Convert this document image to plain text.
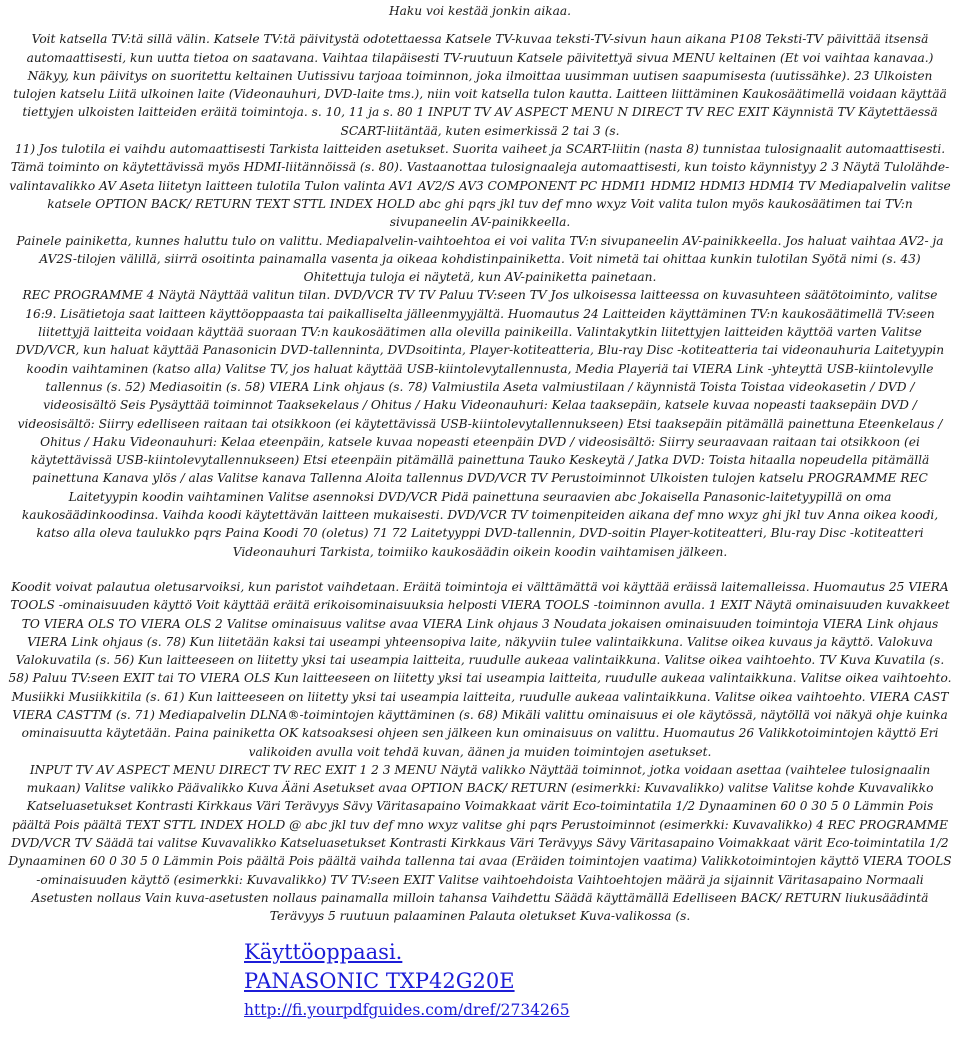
Haku voi kestää jonkin aikaa.

Voit katsella TV:tä sillä välin. Katsele TV:tä päivitystä odotettaessa Katsele TV-kuvaa teksti-TV-sivun haun aikana P108 Teksti-TV päivittää itsensä automaattisesti, kun uutta tietoa on saatavana. Vaihtaa tilapäisesti TV-ruutuun Katsele päivitettyä sivua MENU keltainen (Et voi vaihtaa kanavaa.) Näkyy, kun päivitys on suoritettu keltainen Uutissivu tarjoaa toiminnon, joka ilmoittaa uusimman uutisen saapumisesta (uutissähke). 23 Ulkoisten tulojen katselu Liitä ulkoinen laite (Videonauhuri, DVD-laite tms.), niin voit katsella tulon kautta. Laitteen liittäminen Kaukosäätimellä voidaan käyttää tiettyjen ulkoisten laitteiden eräitä toimintoja. s. 10, 11 ja s. 80 1 INPUT TV AV ASPECT MENU N DIRECT TV REC EXIT Käynnistä TV Käytettäessä SCART-liitäntää, kuten esimerkissä 2 tai 3 (s.

11) Jos tulotila ei vaihdu automaattisesti Tarkista laitteiden asetukset. Suorita vaiheet ja SCART-liitin (nasta 8) tunnistaa tulosignaalit automaattisesti. Tämä toiminto on käytettävissä myös HDMI-liitännöissä (s. 80). Vastaanottaa tulosignaaleja automaattisesti, kun toisto käynnistyy 2 3 Näytä Tulolähde-valintavalikko AV Aseta liitetyn laitteen tulotila Tulon valinta AV1 AV2/S AV3 COMPONENT PC HDMI1 HDMI2 HDMI3 HDMI4 TV Mediapalvelin valitse katsele OPTION BACK/ RETURN TEXT STTL INDEX HOLD abc ghi pqrs jkl tuv def mno wxyz Voit valita tulon myös kaukosäätimen tai TV:n sivupaneelin AV-painikkeella.

Painele painiketta, kunnes haluttu tulo on valittu. Mediapalvelin-vaihtoehtoa ei voi valita TV:n sivupaneelin AV-painikkeella. Jos haluat vaihtaa AV2- ja AV2S-tilojen välillä, siirrä osoitinta painamalla vasenta ja oikeaa kohdistinpainiketta. Voit nimetä tai ohittaa kunkin tulotilan Syötä nimi (s. 43) Ohitettuja tuloja ei näytetä, kun AV-painiketta painetaan.

REC PROGRAMME 4 Näytä Näyttää valitun tilan. DVD/VCR TV TV Paluu TV:seen TV Jos ulkoisessa laitteessa on kuvasuhteen säätötoiminto, valitse 16:9. Lisätietoja saat laitteen käyttöoppaasta tai paikalliselta jälleenmyyjältä. Huomautus 24 Laitteiden käyttäminen TV:n kaukosäätimellä TV:seen liitettyjä laitteita voidaan käyttää suoraan TV:n kaukosäätimen alla olevilla painikeilla. Valintakytkin liitettyjen laitteiden käyttöä varten Valitse DVD/VCR, kun haluat käyttää Panasonicin DVD-tallenninta, DVDsoitinta, Player-kotiteatteria, Blu-ray Disc -kotiteatteria tai videonauhuria Laitetyypin koodin vaihtaminen (katso alla) Valitse TV, jos haluat käyttää USB-kiintolevytallennusta, Media Playeriä tai VIERA Link -yhteyttä USB-kiintolevylle tallennus (s. 52) Mediasoitin (s. 58) VIERA Link ohjaus (s. 78) Valmiustila Aseta valmiustilaan / käynnistä Toista Toistaa videokasetin / DVD / videosisältö Seis Pysäyttää toiminnot Taaksekelaus / Ohitus / Haku Videonauhuri: Kelaa taaksepäin, katsele kuvaa nopeasti taaksepäin DVD / videosisältö: Siirry edelliseen raitaan tai otsikkoon (ei käytettävissä USB-kiintolevytallennukseen) Etsi taaksepäin pitämällä painettuna Eteenkelaus / Ohitus / Haku Videonauhuri: Kelaa eteenpäin, katsele kuvaa nopeasti eteenpäin DVD / videosisältö: Siirry seuraavaan raitaan tai otsikkoon (ei käytettävissä USB-kiintolevytallennukseen) Etsi eteenpäin pitämällä painettuna Tauko Keskeytä / Jatka DVD: Toista hitaalla nopeudella pitämällä painettuna Kanava ylös / alas Valitse kanava Tallenna Aloita tallennus DVD/VCR TV Perustoiminnot Ulkoisten tulojen katselu PROGRAMME REC Laitetyypin koodin vaihtaminen Valitse asennoksi DVD/VCR Pidä painettuna seuraavien abc Jokaisella Panasonic-laitetyypillä on oma kaukosäädinkoodinsa. Vaihda koodi käytettävän laitteen mukaisesti. DVD/VCR TV toimenpiteiden aikana def mno wxyz ghi jkl tuv Anna oikea koodi, katso alla oleva taulukko pqrs Paina Koodi 70 (oletus) 71 72 Laitetyyppi DVD-tallennin, DVD-soitin Player-kotiteatteri, Blu-ray Disc -kotiteatteri Videonauhuri Tarkista, toimiiko kaukosäädin oikein koodin vaihtamisen jälkeen.

Koodit voivat palautua oletusarvoiksi, kun paristot vaihdetaan. Eräitä toimintoja ei välttämättä voi käyttää eräissä laitemalleissa. Huomautus 25 VIERA TOOLS -ominaisuuden käyttö Voit käyttää eräitä erikoisominaisuuksia helposti VIERA TOOLS -toiminnon avulla. 1 EXIT Näytä ominaisuuden kuvakkeet TO VIERA OLS TO VIERA OLS 2 Valitse ominaisuus valitse avaa VIERA Link ohjaus 3 Noudata jokaisen ominaisuuden toimintoja VIERA Link ohjaus VIERA Link ohjaus (s. 78) Kun liitetään kaksi tai useampi yhteensopiva laite, näkyviin tulee valintaikkuna. Valitse oikea kuvaus ja käyttö. Valokuva Valokuvatila (s. 56) Kun laitteeseen on liitetty yksi tai useampia laitteita, ruudulle aukeaa valintaikkuna. Valitse oikea vaihtoehto. TV Kuva Kuvatila (s.

58) Paluu TV:seen EXIT tai TO VIERA OLS Kun laitteeseen on liitetty yksi tai useampia laitteita, ruudulle aukeaa valintaikkuna. Valitse oikea vaihtoehto. Musiikki Musiikkitila (s. 61) Kun laitteeseen on liitetty yksi tai useampia laitteita, ruudulle aukeaa valintaikkuna. Valitse oikea vaihtoehto. VIERA CAST VIERA CASTTM (s. 71) Mediapalvelin DLNA®-toimintojen käyttäminen (s. 68) Mikäli valittu ominaisuus ei ole käytössä, näytöllä voi näkyä ohje kuinka ominaisuutta käytetään. Paina painiketta OK katsoaksesi ohjeen sen jälkeen kun ominaisuus on valittu. Huomautus 26 Valikkotoimintojen käyttö Eri valikoiden avulla voit tehdä kuvan, äänen ja muiden toimintojen asetukset.

INPUT TV AV ASPECT MENU DIRECT TV REC EXIT 1 2 3 MENU Näytä valikko Näyttää toiminnot, jotka voidaan asettaa (vaihtelee tulosignaalin mukaan) Valitse valikko Päävalikko Kuva Ääni Asetukset avaa OPTION BACK/ RETURN (esimerkki: Kuvavalikko) valitse Valitse kohde Kuvavalikko Katseluasetukset Kontrasti Kirkkaus Väri Terävyys Sävy Väritasapaino Voimakkaat värit Eco-toimintatila 1/2 Dynaaminen 60 0 30 5 0 Lämmin Pois päältä Pois päältä TEXT STTL INDEX HOLD @ abc jkl tuv def mno wxyz valitse ghi pqrs Perustoiminnot (esimerkki: Kuvavalikko) 4 REC PROGRAMME DVD/VCR TV Säädä tai valitse Kuvavalikko Katseluasetukset Kontrasti Kirkkaus Väri Terävyys Sävy Väritasapaino Voimakkaat värit Eco-toimintatila 1/2 Dynaaminen 60 0 30 5 0 Lämmin Pois päältä Pois päältä vaihda tallenna tai avaa (Eräiden toimintojen vaatima) Valikkotoimintojen käyttö VIERA TOOLS -ominaisuuden käyttö (esimerkki: Kuvavalikko) TV TV:seen EXIT Valitse vaihtoehdoista Vaihtoehtojen määrä ja sijainnit Väritasapaino Normaali Asetusten nollaus Vain kuva-asetusten nollaus painamalla milloin tahansa Vaihdettu Säädä käyttämällä Edelliseen BACK/ RETURN liukusäädintä Terävyys 5 ruutuun palaaminen Palauta oletukset Kuva-valikossa (s.

Käyttöoppaasi.
PANASONIC TXP42G20E
http://fi.yourpdfguides.com/dref/2734265
